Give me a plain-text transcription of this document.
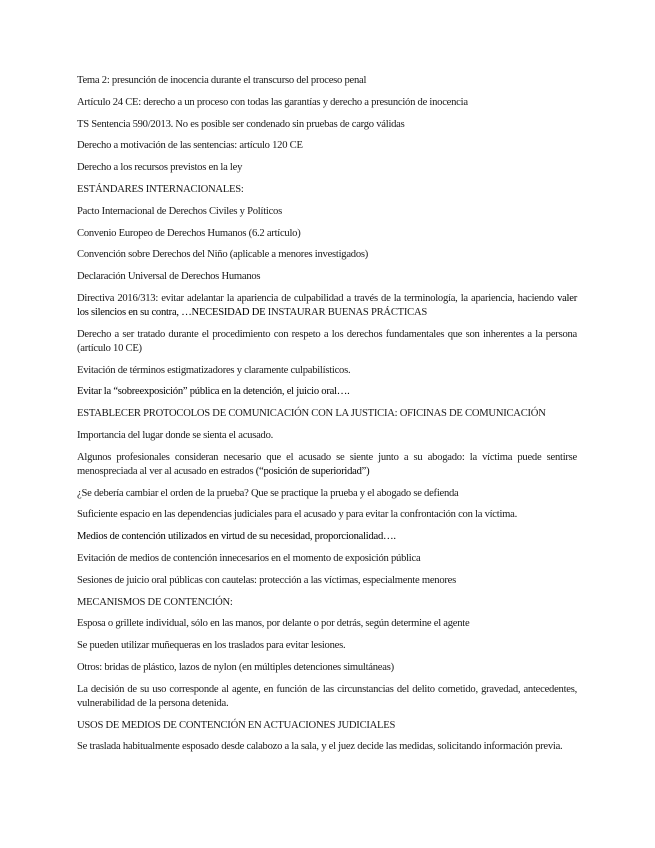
Tema 2: presunción de inocencia durante el transcurso del proceso penal

Artículo 24 CE: derecho a un proceso con todas las garantías y derecho a presunción de inocencia

TS Sentencia 590/2013. No es posible ser condenado sin pruebas de cargo válidas

Derecho a motivación de las sentencias: artículo 120 CE

Derecho a los recursos previstos en la ley

ESTÁNDARES INTERNACIONALES:

Pacto Internacional de Derechos Civiles y Políticos

Convenio Europeo de Derechos Humanos (6.2 artículo)

Convención sobre Derechos del Niño (aplicable a menores investigados)

Declaración Universal de Derechos Humanos

Directiva 2016/313: evitar adelantar la apariencia de culpabilidad a través de la terminología, la apariencia, haciendo valer los silencios en su contra, …NECESIDAD DE INSTAURAR BUENAS PRÁCTICAS

Derecho a ser tratado durante el procedimiento con respeto a los derechos fundamentales que son inherentes a la persona (artículo 10 CE)

Evitación de términos estigmatizadores y claramente culpabilísticos.

Evitar la “sobreexposición” pública en la detención, el juicio oral….

ESTABLECER PROTOCOLOS DE COMUNICACIÓN CON LA JUSTICIA: OFICINAS DE COMUNICACIÓN

Importancia del lugar donde se sienta el acusado.

Algunos profesionales consideran necesario que el acusado se siente junto a su abogado: la víctima puede sentirse menospreciada al ver al acusado en estrados (“posición de superioridad”)

¿Se debería cambiar el orden de la prueba? Que se practique la prueba y el abogado se defienda

Suficiente espacio en las dependencias judiciales para el acusado y para evitar la confrontación con la víctima.

Medios de contención utilizados en virtud de su necesidad, proporcionalidad….

Evitación de medios de contención innecesarios en el momento de exposición pública

Sesiones de juicio oral públicas con cautelas: protección a las víctimas, especialmente menores

MECANISMOS DE CONTENCIÓN:

Esposa o grillete individual, sólo en las manos, por delante o por detrás, según determine el agente

Se pueden utilizar muñequeras en los traslados para evitar lesiones.

Otros: bridas de plástico, lazos de nylon (en múltiples detenciones simultáneas)

La decisión de su uso corresponde al agente, en función de las circunstancias del delito cometido, gravedad, antecedentes, vulnerabilidad de la persona detenida.

USOS DE MEDIOS DE CONTENCIÓN EN ACTUACIONES JUDICIALES

Se traslada habitualmente esposado desde calabozo a la sala, y el juez decide las medidas, solicitando información previa.
